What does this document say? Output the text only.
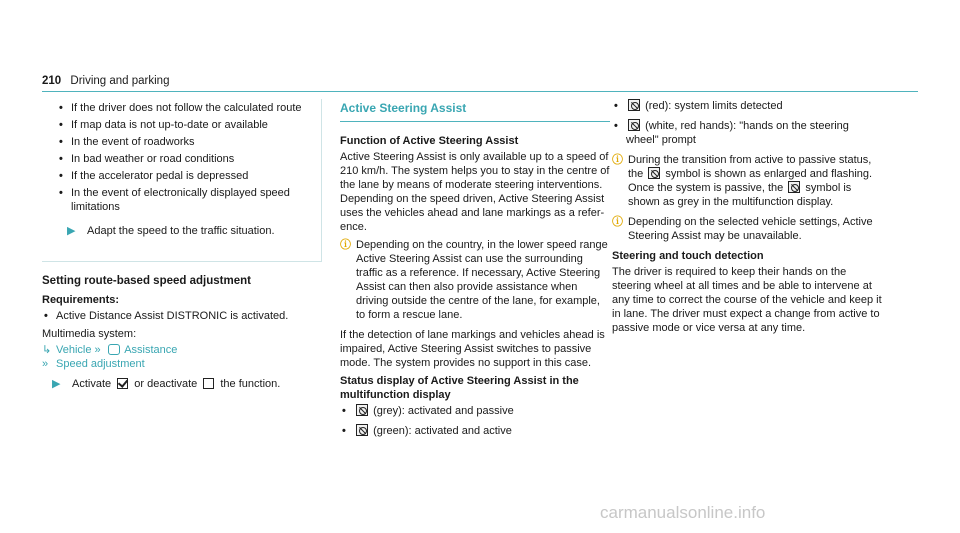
210 Driving and parking
• If the driver does not follow the calculated route
• If map data is not up-to-date or available
• In the event of roadworks
• In bad weather or road conditions
• If the accelerator pedal is depressed
• In the event of electronically displayed speed limitations
▶ Adapt the speed to the traffic situation.
Setting route-based speed adjustment
Requirements:
• Active Distance Assist DISTRONIC is activated.

Multimedia system:

↳ Vehicle » Assistance
» Speed adjustment
▶ Activate or deactivate the function.
Active Steering Assist
Function of Active Steering Assist

Active Steering Assist is only available up to a speed of 210 km/h. The system helps you to stay in the centre of the lane by means of moderate steering interventions. Depending on the speed driven, Active Steering Assist uses the vehicles ahead and lane markings as a reference.

ⓘ Depending on the country, in the lower speed range Active Steering Assist can use the surrounding traffic as a reference. If necessary, Active Steering Assist can then also provide assistance when driving outside the centre of the lane, for example, to form a rescue lane.

If the detection of lane markings and vehicles ahead is impaired, Active Steering Assist switches to passive mode. The system provides no support in this case.

Status display of Active Steering Assist in the multifunction display
• (grey): activated and passive
• (green): activated and active
• (red): system limits detected
• (white, red hands): "hands on the steering wheel" prompt
ⓘ During the transition from active to passive status, the symbol is shown as enlarged and flashing. Once the system is passive, the symbol is shown as grey in the multifunction display.
ⓘ Depending on the selected vehicle settings, Active Steering Assist may be unavailable.
Steering and touch detection

The driver is required to keep their hands on the steering wheel at all times and be able to intervene at any time to correct the course of the vehicle and keep it in lane. The driver must expect a change from active to passive mode or vice versa at any time.

carmanualsonline.info
